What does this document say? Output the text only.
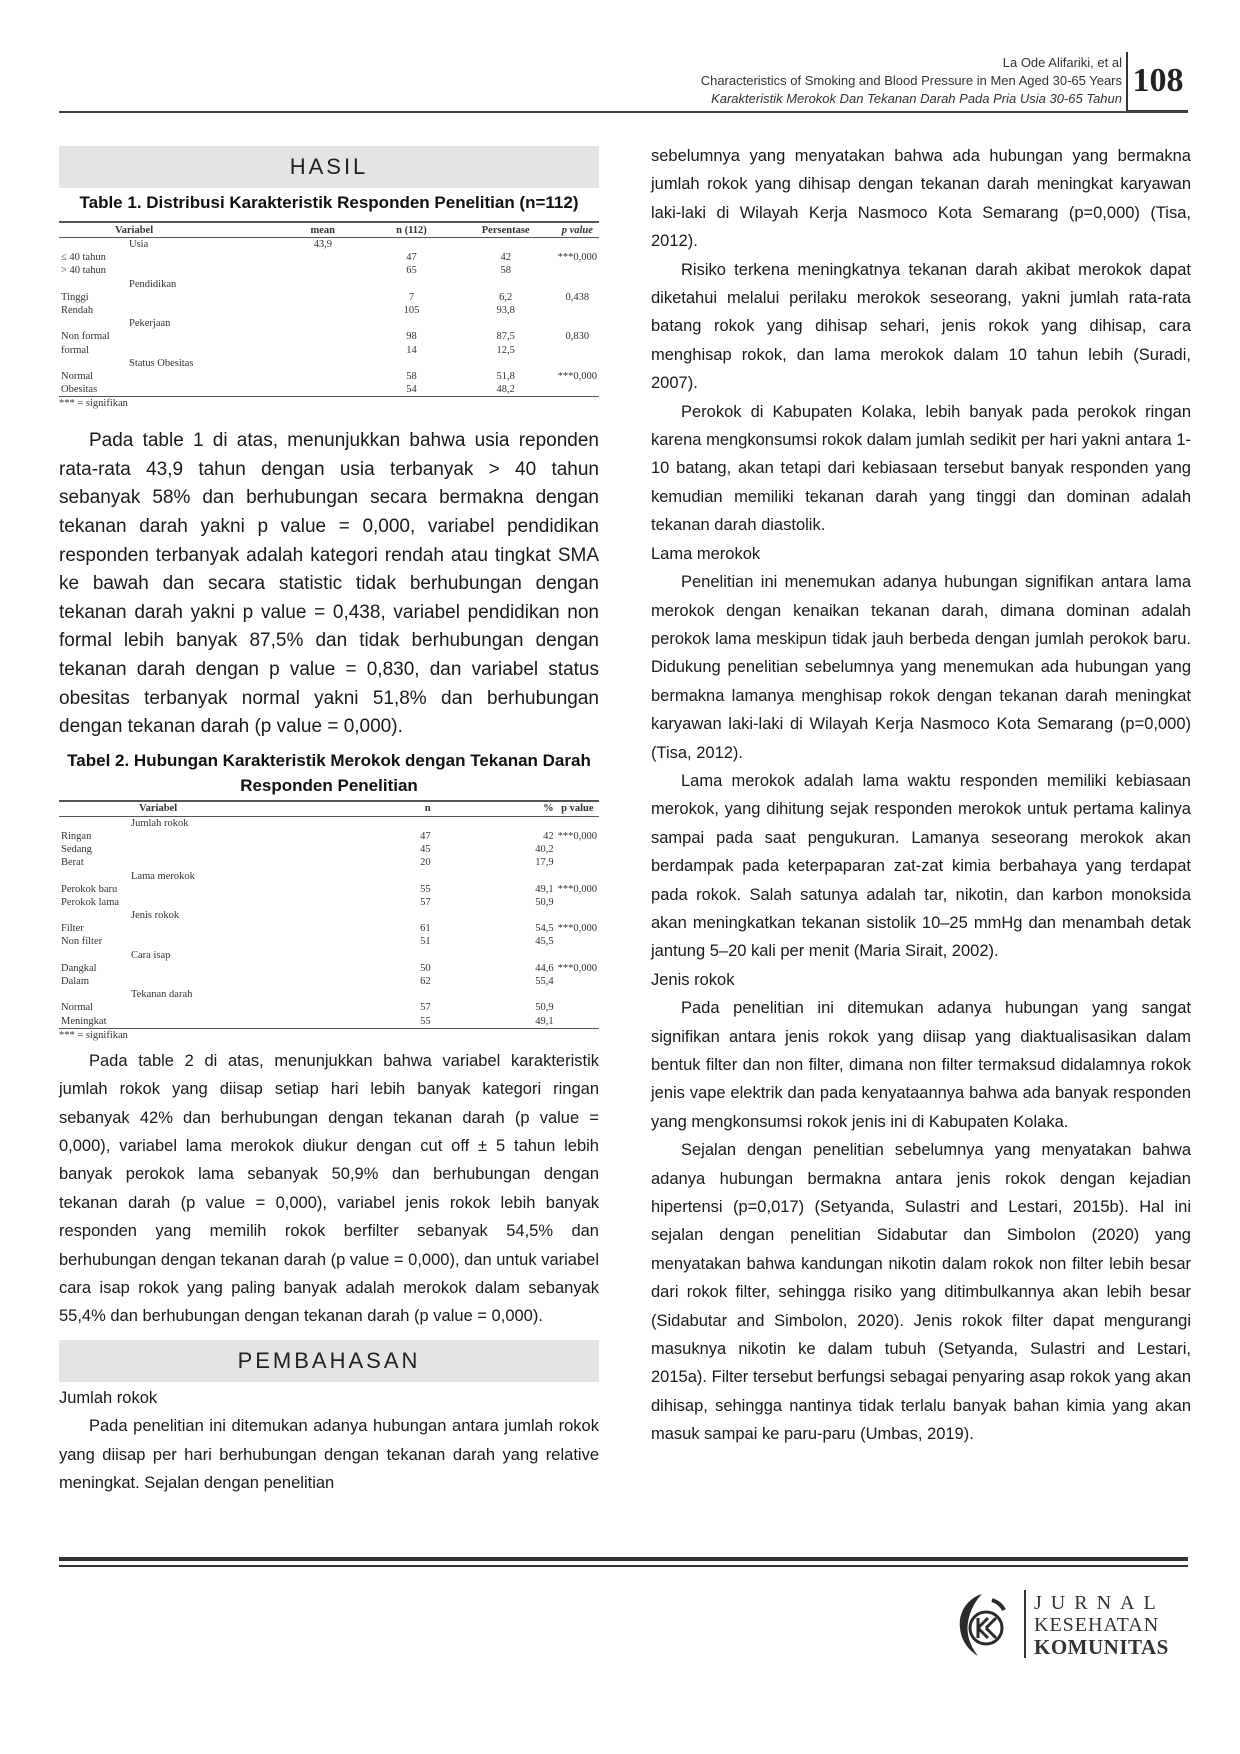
La Ode Alifariki, et al
Characteristics of Smoking and Blood Pressure in Men Aged 30-65 Years
Karakteristik Merokok Dan Tekanan Darah Pada Pria Usia 30-65 Tahun 108
HASIL
Table 1. Distribusi Karakteristik Responden Penelitian (n=112)
Variabel	mean	n (112)	Persentase	p value
Usia	43,9			
≤ 40 tahun		47	42	***0,000
> 40 tahun		65	58	
Pendidikan				
Tinggi		7	6,2	0,438
Rendah		105	93,8	
Pekerjaan				
Non formal		98	87,5	0,830
formal		14	12,5	
Status Obesitas				
Normal		58	51,8	***0,000
Obesitas		54	48,2	
*** = signifikan

Pada table 1 di atas, menunjukkan bahwa usia reponden rata-rata 43,9 tahun dengan usia terbanyak > 40 tahun sebanyak 58% dan berhubungan secara bermakna dengan tekanan darah yakni p value = 0,000, variabel pendidikan responden terbanyak adalah kategori rendah atau tingkat SMA ke bawah dan secara statistic tidak berhubungan dengan tekanan darah yakni p value = 0,438, variabel pendidikan non formal lebih banyak 87,5% dan tidak berhubungan dengan tekanan darah dengan p value = 0,830, dan variabel status obesitas terbanyak normal yakni 51,8% dan berhubungan dengan tekanan darah (p value = 0,000).

Tabel 2. Hubungan Karakteristik Merokok dengan Tekanan Darah Responden Penelitian
Variabel	n	%	p value
Jumlah rokok			
Ringan	47	42	***0,000
Sedang	45	40,2	
Berat	20	17,9	
Lama merokok			
Perokok baru	55	49,1	***0,000
Perokok lama	57	50,9	
Jenis rokok			
Filter	61	54,5	***0,000
Non filter	51	45,5	
Cara isap			
Dangkal	50	44,6	***0,000
Dalam	62	55,4	
Tekanan darah			
Normal	57	50,9	
Meningkat	55	49,1	
*** = signifikan

Pada table 2 di atas, menunjukkan bahwa variabel karakteristik jumlah rokok yang diisap setiap hari lebih banyak kategori ringan sebanyak 42% dan berhubungan dengan tekanan darah (p value = 0,000), variabel lama merokok diukur dengan cut off ± 5 tahun lebih banyak perokok lama sebanyak 50,9% dan berhubungan dengan tekanan darah (p value = 0,000), variabel jenis rokok lebih banyak responden yang memilih rokok berfilter sebanyak 54,5% dan berhubungan dengan tekanan darah (p value = 0,000), dan untuk variabel cara isap rokok yang paling banyak adalah merokok dalam sebanyak 55,4% dan berhubungan dengan tekanan darah (p value = 0,000).

PEMBAHASAN

Jumlah rokok

Pada penelitian ini ditemukan adanya hubungan antara jumlah rokok yang diisap per hari berhubungan dengan tekanan darah yang relative meningkat. Sejalan dengan penelitian

sebelumnya yang menyatakan bahwa ada hubungan yang bermakna jumlah rokok yang dihisap dengan tekanan darah meningkat karyawan laki-laki di Wilayah Kerja Nasmoco Kota Semarang (p=0,000) (Tisa, 2012).

Risiko terkena meningkatnya tekanan darah akibat merokok dapat diketahui melalui perilaku merokok seseorang, yakni jumlah rata-rata batang rokok yang dihisap sehari, jenis rokok yang dihisap, cara menghisap rokok, dan lama merokok dalam 10 tahun lebih (Suradi, 2007).

Perokok di Kabupaten Kolaka, lebih banyak pada perokok ringan karena mengkonsumsi rokok dalam jumlah sedikit per hari yakni antara 1-10 batang, akan tetapi dari kebiasaan tersebut banyak responden yang kemudian memiliki tekanan darah yang tinggi dan dominan adalah tekanan darah diastolik.

Lama merokok

Penelitian ini menemukan adanya hubungan signifikan antara lama merokok dengan kenaikan tekanan darah, dimana dominan adalah perokok lama meskipun tidak jauh berbeda dengan jumlah perokok baru. Didukung penelitian sebelumnya yang menemukan ada hubungan yang bermakna lamanya menghisap rokok dengan tekanan darah meningkat karyawan laki-laki di Wilayah Kerja Nasmoco Kota Semarang (p=0,000) (Tisa, 2012).

Lama merokok adalah lama waktu responden memiliki kebiasaan merokok, yang dihitung sejak responden merokok untuk pertama kalinya sampai pada saat pengukuran. Lamanya seseorang merokok akan berdampak pada keterpaparan zat-zat kimia berbahaya yang terdapat pada rokok. Salah satunya adalah tar, nikotin, dan karbon monoksida akan meningkatkan tekanan sistolik 10–25 mmHg dan menambah detak jantung 5–20 kali per menit (Maria Sirait, 2002).

Jenis rokok

Pada penelitian ini ditemukan adanya hubungan yang sangat signifikan antara jenis rokok yang diisap yang diaktualisasikan dalam bentuk filter dan non filter, dimana non filter termaksud didalamnya rokok jenis vape elektrik dan pada kenyataannya bahwa ada banyak responden yang mengkonsumsi rokok jenis ini di Kabupaten Kolaka.

Sejalan dengan penelitian sebelumnya yang menyatakan bahwa adanya hubungan bermakna antara jenis rokok dengan kejadian hipertensi (p=0,017) (Setyanda, Sulastri and Lestari, 2015b). Hal ini sejalan dengan penelitian Sidabutar dan Simbolon (2020) yang menyatakan bahwa kandungan nikotin dalam rokok non filter lebih besar dari rokok filter, sehingga risiko yang ditimbulkannya akan lebih besar (Sidabutar and Simbolon, 2020). Jenis rokok filter dapat mengurangi masuknya nikotin ke dalam tubuh (Setyanda, Sulastri and Lestari, 2015a). Filter tersebut berfungsi sebagai penyaring asap rokok yang akan dihisap, sehingga nantinya tidak terlalu banyak bahan kimia yang akan masuk sampai ke paru-paru (Umbas, 2019).

JURNAL
KESEHATAN
KOMUNITAS
